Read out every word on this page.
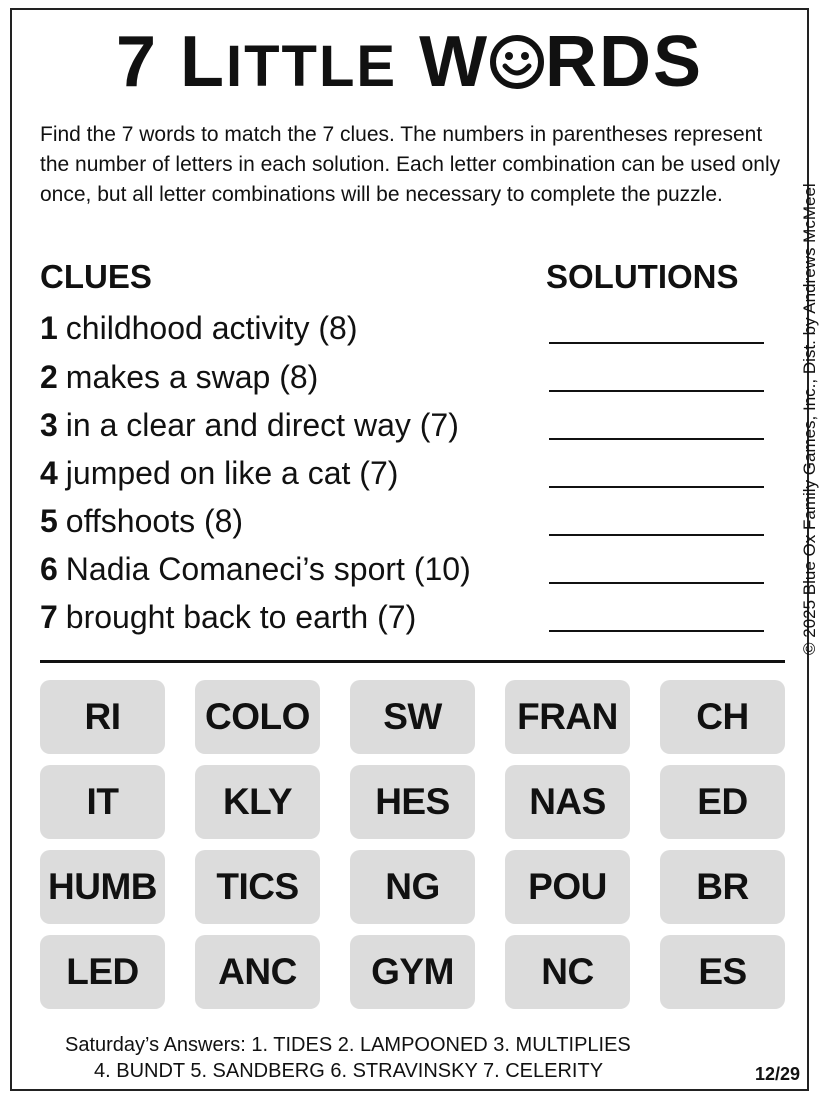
7 LITTLE W RDS
Find the 7 words to match the 7 clues. The numbers in parentheses represent the number of letters in each solution. Each letter combination can be used only once, but all letter combinations will be necessary to complete the puzzle.	© 2025 Blue Ox Family Games, Inc., Dist. by Andrews McMeel
CLUES	SOLUTIONS
1 childhood activity (8)
2 makes a swap (8)
3 in a clear and direct way (7)
4 jumped on like a cat (7)
5 offshoots (8)
6 Nadia Comaneci’s sport (10)
7 brought back to earth (7)
RI	COLO	SW	FRAN	CH
IT	KLY	HES	NAS	ED
HUMB	TICS	NG	POU	BR
LED	ANC	GYM	NC	ES
Saturday’s Answers: 1. TIDES 2. LAMPOONED 3. MULTIPLIES
4. BUNDT 5. SANDBERG 6. STRAVINSKY 7. CELERITY	12/29
